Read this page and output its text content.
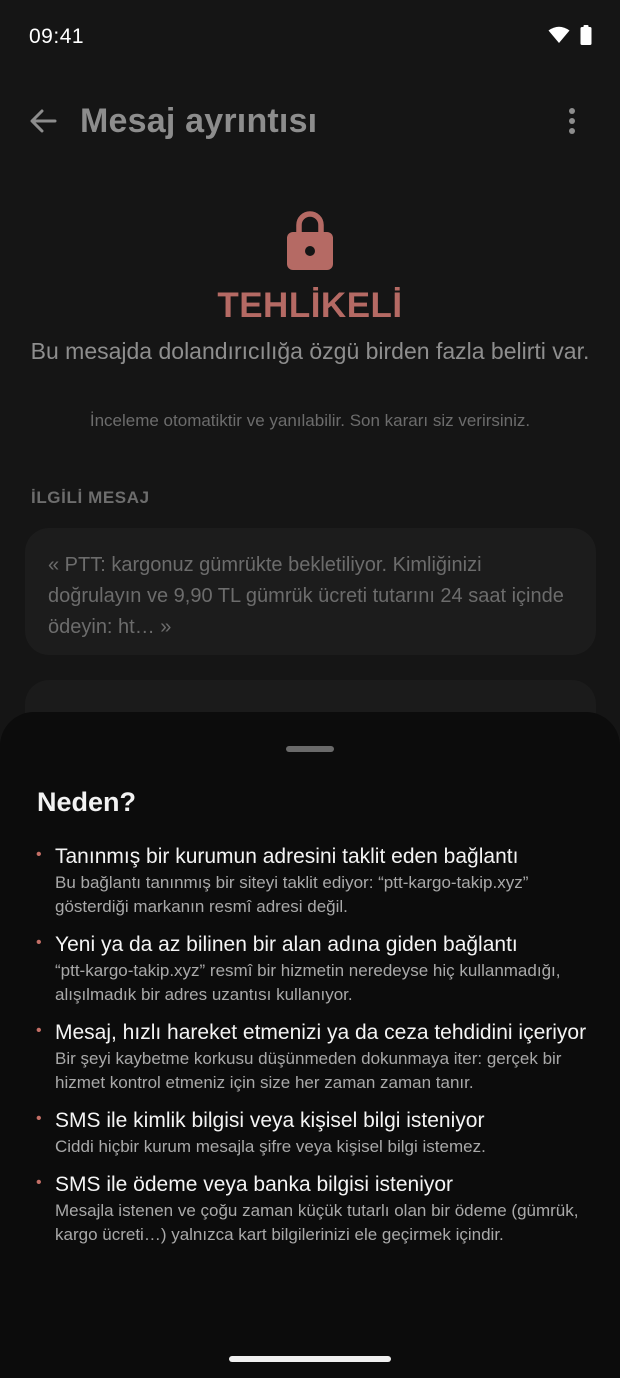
09:41
Mesaj ayrıntısı
TEHLİKELİ
Bu mesajda dolandırıcılığa özgü birden fazla belirti var.
İnceleme otomatiktir ve yanılabilir. Son kararı siz verirsiniz.
İLGİLİ MESAJ
« PTT: kargonuz gümrükte bekletiliyor. Kimliğinizi doğrulayın ve 9,90 TL gümrük ücreti tutarını 24 saat içinde ödeyin: ht… »
Neden?
• Tanınmış bir kurumun adresini taklit eden bağlantı
Bu bağlantı tanınmış bir siteyi taklit ediyor: “ptt-kargo-takip.xyz” gösterdiği markanın resmî adresi değil.
• Yeni ya da az bilinen bir alan adına giden bağlantı
“ptt-kargo-takip.xyz” resmî bir hizmetin neredeyse hiç kullanmadığı, alışılmadık bir adres uzantısı kullanıyor.
• Mesaj, hızlı hareket etmenizi ya da ceza tehdidini içeriyor
Bir şeyi kaybetme korkusu düşünmeden dokunmaya iter: gerçek bir hizmet kontrol etmeniz için size her zaman zaman tanır.
• SMS ile kimlik bilgisi veya kişisel bilgi isteniyor
Ciddi hiçbir kurum mesajla şifre veya kişisel bilgi istemez.
• SMS ile ödeme veya banka bilgisi isteniyor
Mesajla istenen ve çoğu zaman küçük tutarlı olan bir ödeme (gümrük, kargo ücreti…) yalnızca kart bilgilerinizi ele geçirmek içindir.
